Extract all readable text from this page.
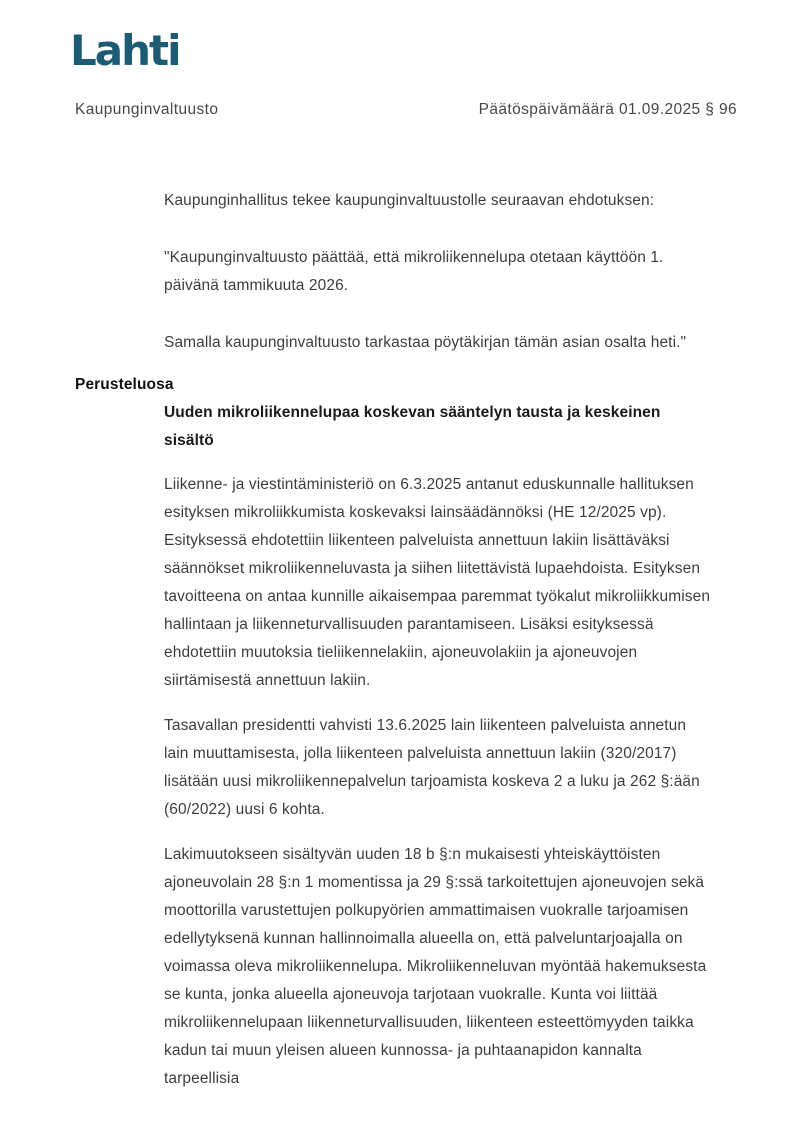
Lahti
Kaupunginvaltuusto	Päätöspäivämäärä 01.09.2025 § 96

Kaupunginhallitus tekee kaupunginvaltuustolle seuraavan ehdotuksen:

"Kaupunginvaltuusto päättää, että mikroliikennelupa otetaan käyttöön 1. päivänä tammikuuta 2026.

Samalla kaupunginvaltuusto tarkastaa pöytäkirjan tämän asian osalta heti."

Perusteluosa

Uuden mikroliikennelupaa koskevan sääntelyn tausta ja keskeinen sisältö

Liikenne- ja viestintäministeriö on 6.3.2025 antanut eduskunnalle hallituksen esityksen mikroliikkumista koskevaksi lainsäädännöksi (HE 12/2025 vp). Esityksessä ehdotettiin liikenteen palveluista annettuun lakiin lisättäväksi säännökset mikroliikenneluvasta ja siihen liitettävistä lupaehdoista. Esityksen tavoitteena on antaa kunnille aikaisempaa paremmat työkalut mikroliikkumisen hallintaan ja liikenneturvallisuuden parantamiseen. Lisäksi esityksessä ehdotettiin muutoksia tieliikennelakiin, ajoneuvolakiin ja ajoneuvojen siirtämisestä annettuun lakiin.

Tasavallan presidentti vahvisti 13.6.2025 lain liikenteen palveluista annetun lain muuttamisesta, jolla liikenteen palveluista annettuun lakiin (320/2017) lisätään uusi mikroliikennepalvelun tarjoamista koskeva 2 a luku ja 262 §:ään (60/2022) uusi 6 kohta.

Lakimuutokseen sisältyvän uuden 18 b §:n mukaisesti yhteiskäyttöisten ajoneuvolain 28 §:n 1 momentissa ja 29 §:ssä tarkoitettujen ajoneuvojen sekä moottorilla varustettujen polkupyörien ammattimaisen vuokralle tarjoamisen edellytyksenä kunnan hallinnoimalla alueella on, että palveluntarjoajalla on voimassa oleva mikroliikennelupa. Mikroliikenneluvan myöntää hakemuksesta se kunta, jonka alueella ajoneuvoja tarjotaan vuokralle. Kunta voi liittää mikroliikennelupaan liikenneturvallisuuden, liikenteen esteettömyyden taikka kadun tai muun yleisen alueen kunnossa- ja puhtaanapidon kannalta tarpeellisia
